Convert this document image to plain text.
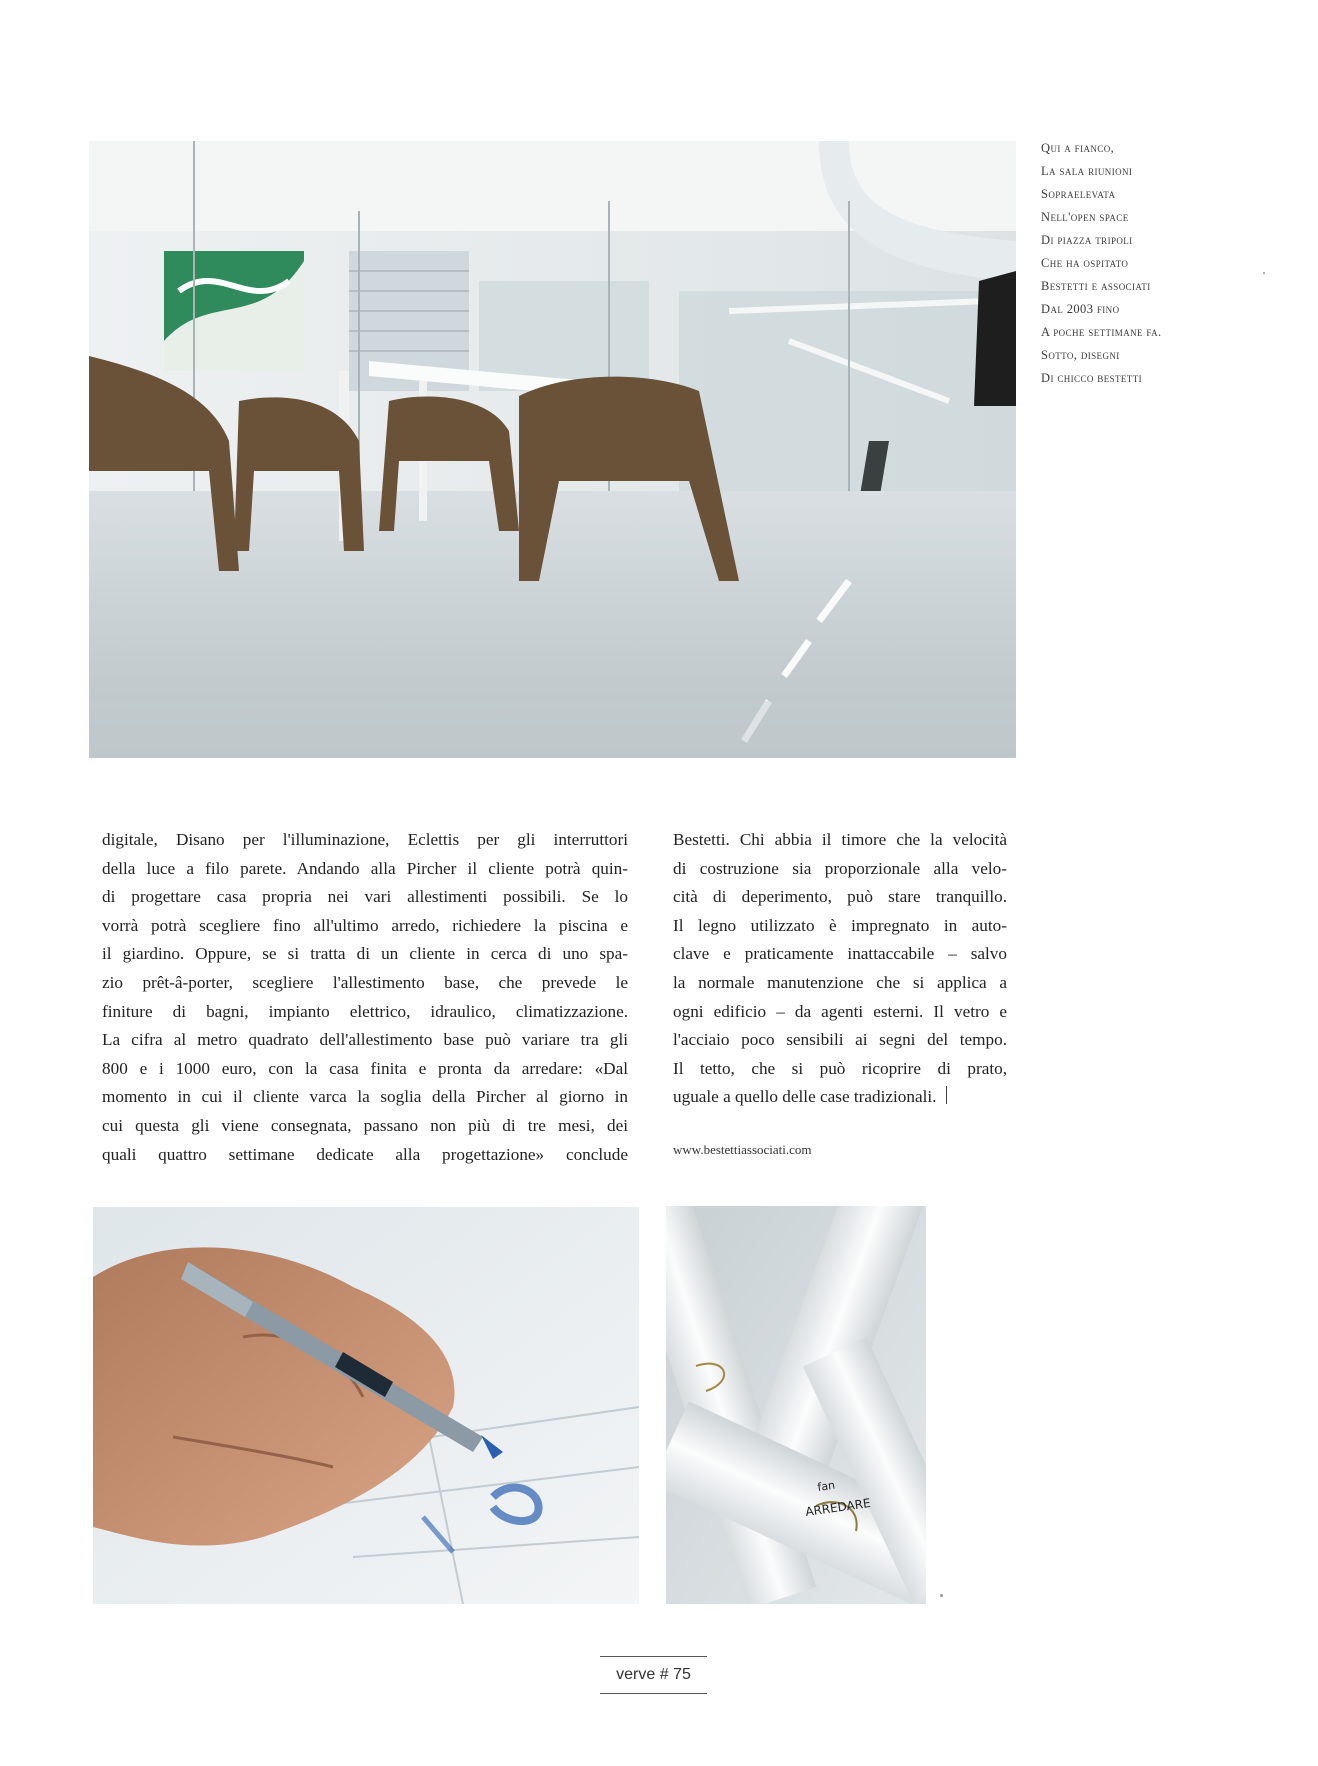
Qui a fianco,
La sala riunioni
Sopraelevata
Nell'open space
Di piazza tripoli
Che ha ospitato
Bestetti e associati
Dal 2003 fino
A poche settimane fa.
Sotto, disegni
Di chicco bestetti
digitale, Disano per l'illuminazione, Eclettis per gli interruttori
della luce a filo parete. Andando alla Pircher il cliente potrà quin-
di progettare casa propria nei vari allestimenti possibili. Se lo
vorrà potrà scegliere fino all'ultimo arredo, richiedere la piscina e
il giardino. Oppure, se si tratta di un cliente in cerca di uno spa-
zio prêt-â-porter, scegliere l'allestimento base, che prevede le
finiture di bagni, impianto elettrico, idraulico, climatizzazione.
La cifra al metro quadrato dell'allestimento base può variare tra gli
800 e i 1000 euro, con la casa finita e pronta da arredare: «Dal
momento in cui il cliente varca la soglia della Pircher al giorno in
cui questa gli viene consegnata, passano non più di tre mesi, dei
quali quattro settimane dedicate alla progettazione» conclude
Bestetti. Chi abbia il timore che la velocità
di costruzione sia proporzionale alla velo-
cità di deperimento, può stare tranquillo.
Il legno utilizzato è impregnato in auto-
clave e praticamente inattaccabile – salvo
la normale manutenzione che si applica a
ogni edificio – da agenti esterni. Il vetro e
l'acciaio poco sensibili ai segni del tempo.
Il tetto, che si può ricoprire di prato,
uguale a quello delle case tradizionali.
www.bestettiassociati.com
fan
ARREDARE
verve # 75
